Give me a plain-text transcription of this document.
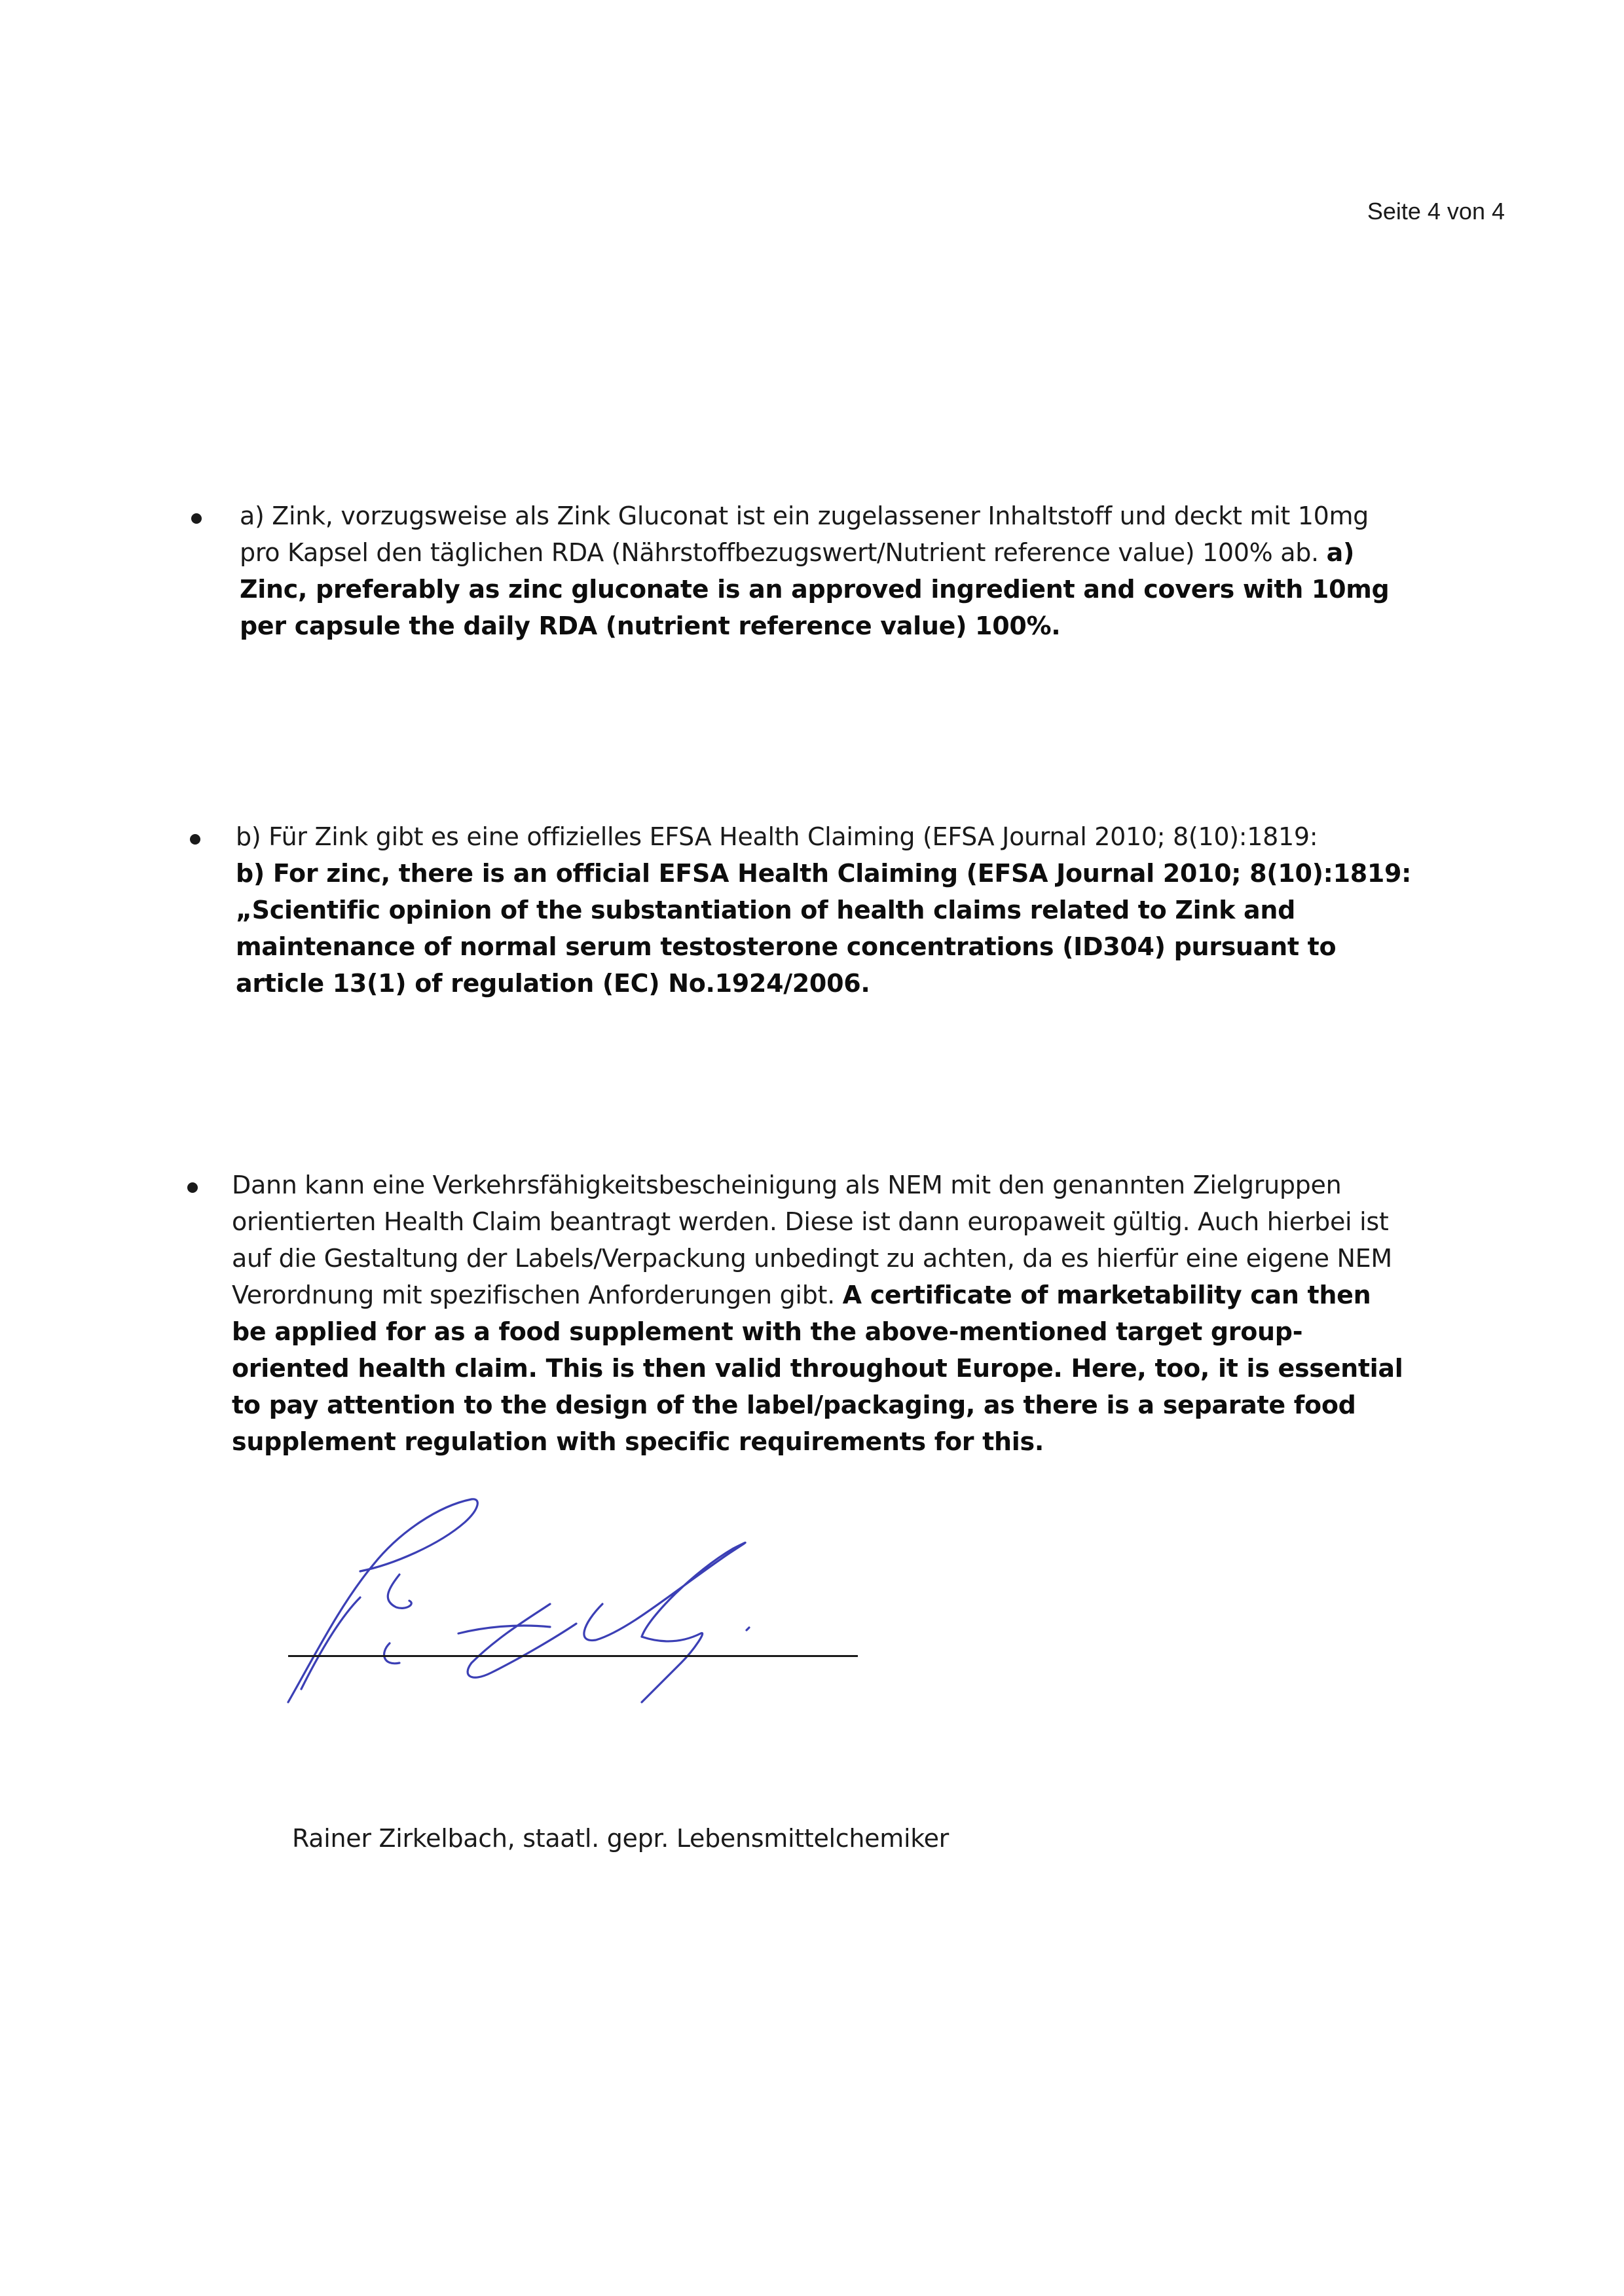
Seite 4 von 4
a) Zink, vorzugsweise als Zink Gluconat ist ein zugelassener Inhaltstoff und deckt mit 10mg pro Kapsel den täglichen RDA (Nährstoffbezugswert/Nutrient reference value) 100% ab. a) Zinc, preferably as zinc gluconate is an approved ingredient and covers with 10mg per capsule the daily RDA (nutrient reference value) 100%.
b) Für Zink gibt es eine offizielles EFSA Health Claiming (EFSA Journal 2010; 8(10):1819:
b) For zinc, there is an official EFSA Health Claiming (EFSA Journal 2010; 8(10):1819: „Scientific opinion of the substantiation of health claims related to Zink and maintenance of normal serum testosterone concentrations (ID304) pursuant to article 13(1) of regulation (EC) No.1924/2006.
Dann kann eine Verkehrsfähigkeitsbescheinigung als NEM mit den genannten Zielgruppen orientierten Health Claim beantragt werden. Diese ist dann europaweit gültig. Auch hierbei ist auf die Gestaltung der Labels/Verpackung unbedingt zu achten, da es hierfür eine eigene NEM Verordnung mit spezifischen Anforderungen gibt. A certificate of marketability can then be applied for as a food supplement with the above-mentioned target group-oriented health claim. This is then valid throughout Europe. Here, too, it is essential to pay attention to the design of the label/packaging, as there is a separate food supplement regulation with specific requirements for this.
Rainer Zirkelbach, staatl. gepr. Lebensmittelchemiker
